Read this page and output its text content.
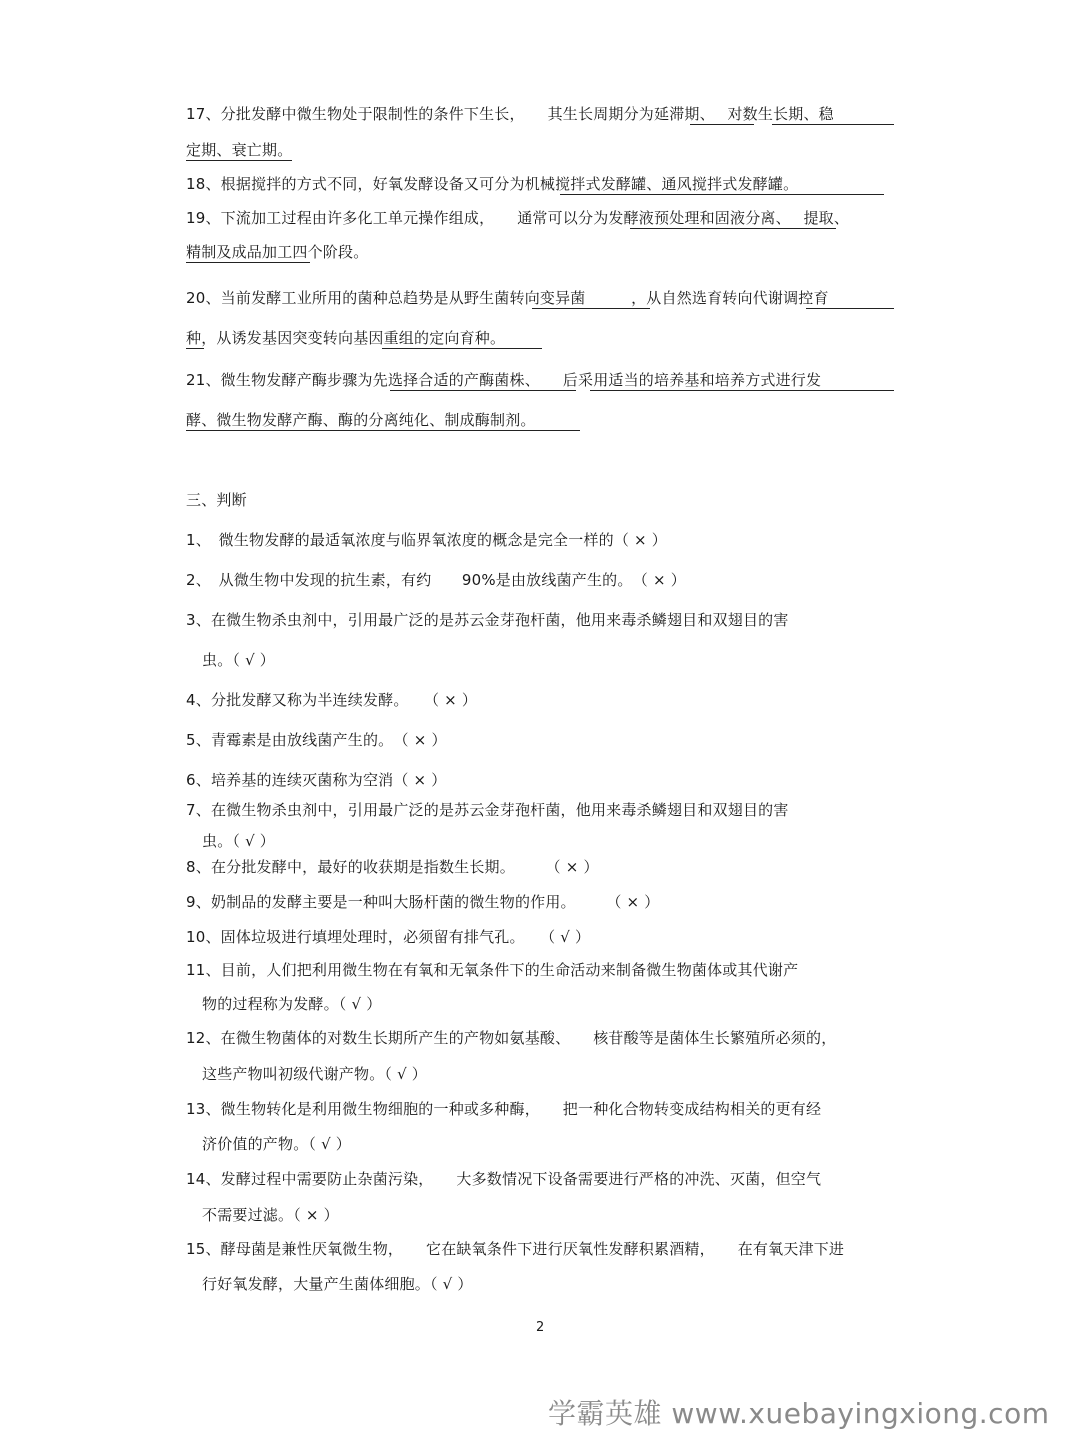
17、分批发酵中微生物处于限制性的条件下生长，　　其生长周期分为延滞期、　 对数生长期、稳
定期、衰亡期。
18、根据搅拌的方式不同，好氧发酵设备又可分为机械搅拌式发酵罐、通风搅拌式发酵罐。
19、下流加工过程由许多化工单元操作组成，　　通常可以分为发酵液预处理和固液分离、　 提取、
精制及成品加工四个阶段。
20、当前发酵工业所用的菌种总趋势是从野生菌转向变异菌　　　，从自然选育转向代谢调控育
种，从诱发基因突变转向基因重组的定向育种。
21、微生物发酵产酶步骤为先选择合适的产酶菌株、　　后采用适当的培养基和培养方式进行发
酵、微生物发酵产酶、酶的分离纯化、制成酶制剂。
三、判断
1、　微生物发酵的最适氧浓度与临界氧浓度的概念是完全一样的（ × ）
2、　从微生物中发现的抗生素，有约　　90%是由放线菌产生的。　（ × ）
3、在微生物杀虫剂中，引用最广泛的是苏云金芽孢杆菌，他用来毒杀鳞翅目和双翅目的害
虫。（ √ ）
4、分批发酵又称为半连续发酵。　　（ × ）
5、青霉素是由放线菌产生的。　（ × ）
6、培养基的连续灭菌称为空消（ × ）
7、在微生物杀虫剂中，引用最广泛的是苏云金芽孢杆菌，他用来毒杀鳞翅目和双翅目的害
虫。（ √ ）
8、在分批发酵中，最好的收获期是指数生长期。　　　（ × ）
9、奶制品的发酵主要是一种叫大肠杆菌的微生物的作用。　　　（ × ）
10、固体垃圾进行填埋处理时，必须留有排气孔。　　（ √ ）
11、目前，人们把利用微生物在有氧和无氧条件下的生命活动来制备微生物菌体或其代谢产
物的过程称为发酵。（ √ ）
12、在微生物菌体的对数生长期所产生的产物如氨基酸、　　核苷酸等是菌体生长繁殖所必须的，
这些产物叫初级代谢产物。（ √ ）
13、微生物转化是利用微生物细胞的一种或多种酶，　　把一种化合物转变成结构相关的更有经
济价值的产物。（ √ ）
14、发酵过程中需要防止杂菌污染，　　大多数情况下设备需要进行严格的冲洗、灭菌，但空气
不需要过滤。（ × ）
15、酵母菌是兼性厌氧微生物，　　它在缺氧条件下进行厌氧性发酵积累酒精，　　在有氧天津下进
行好氧发酵，大量产生菌体细胞。（ √ ）
2
学霸英雄 www.xuebayingxiong.com
